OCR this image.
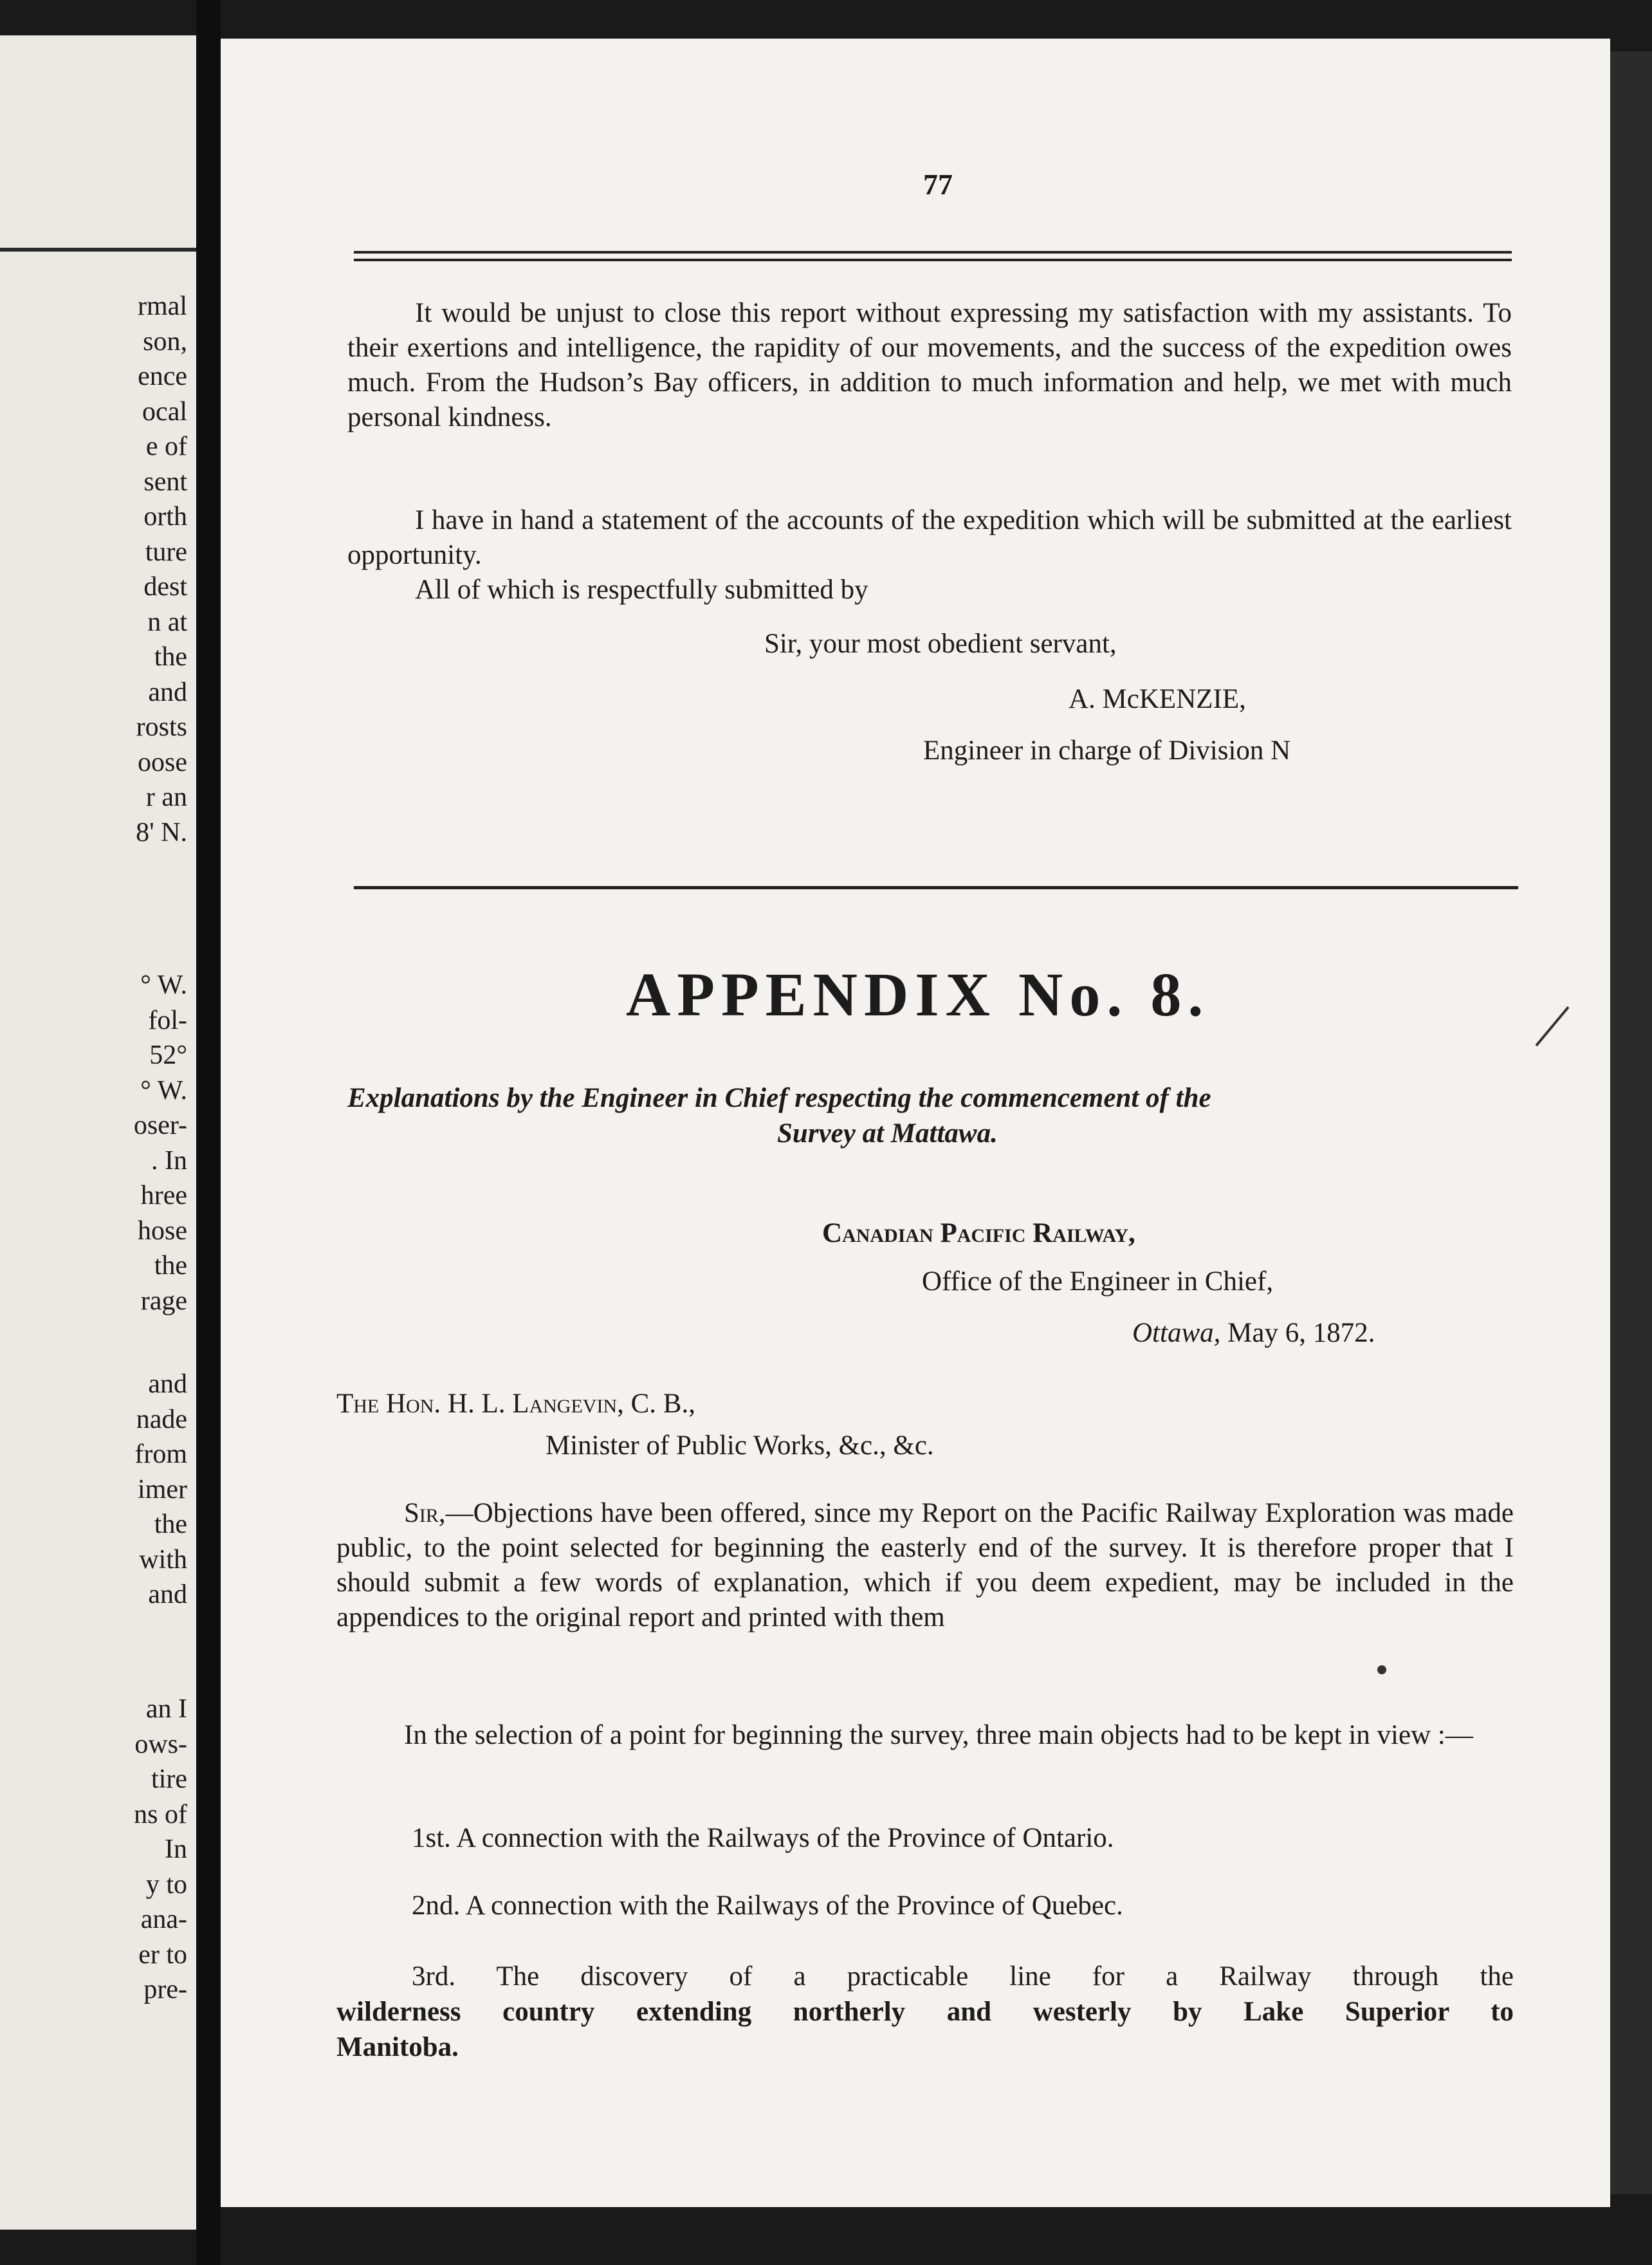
rmal
son,
ence
ocal
e of
sent
orth
ture
dest
n at
the
and
rosts
oose
r an
8' N.
° W.
fol-
52°
° W.
oser-
. In
hree
hose
the
rage
and
nade
from
imer
the
with
and
an I
ows-
tire
ns of
In
y to
ana-
er to
pre-
77

It would be unjust to close this report without expressing my satisfaction with my assistants. To their exertions and intelligence, the rapidity of our movements, and the success of the expedition owes much. From the Hudson’s Bay officers, in addition to much information and help, we met with much personal kindness.

I have in hand a statement of the accounts of the expedition which will be submitted at the earliest opportunity.

All of which is respectfully submitted by
Sir, your most obedient servant,
A. McKENZIE,
Engineer in charge of Division N
APPENDIX No. 8.
Explanations by the Engineer in Chief respecting the commencement of the
Survey at Mattawa.
Canadian Pacific Railway,
Office of the Engineer in Chief,
Ottawa, May 6, 1872.
The Hon. H. L. Langevin, C. B.,
Minister of Public Works, &c., &c.

Sir,—Objections have been offered, since my Report on the Pacific Railway Exploration was made public, to the point selected for beginning the easterly end of the survey. It is therefore proper that I should submit a few words of explanation, which if you deem expedient, may be included in the appendices to the original report and printed with them

In the selection of a point for beginning the survey, three main objects had to be kept in view :—

1st. A connection with the Railways of the Province of Ontario.
2nd. A connection with the Railways of the Province of Quebec.
3rd. The discovery of a practicable line for a Railway through the
wilderness country extending northerly and westerly by Lake Superior to
Manitoba.
